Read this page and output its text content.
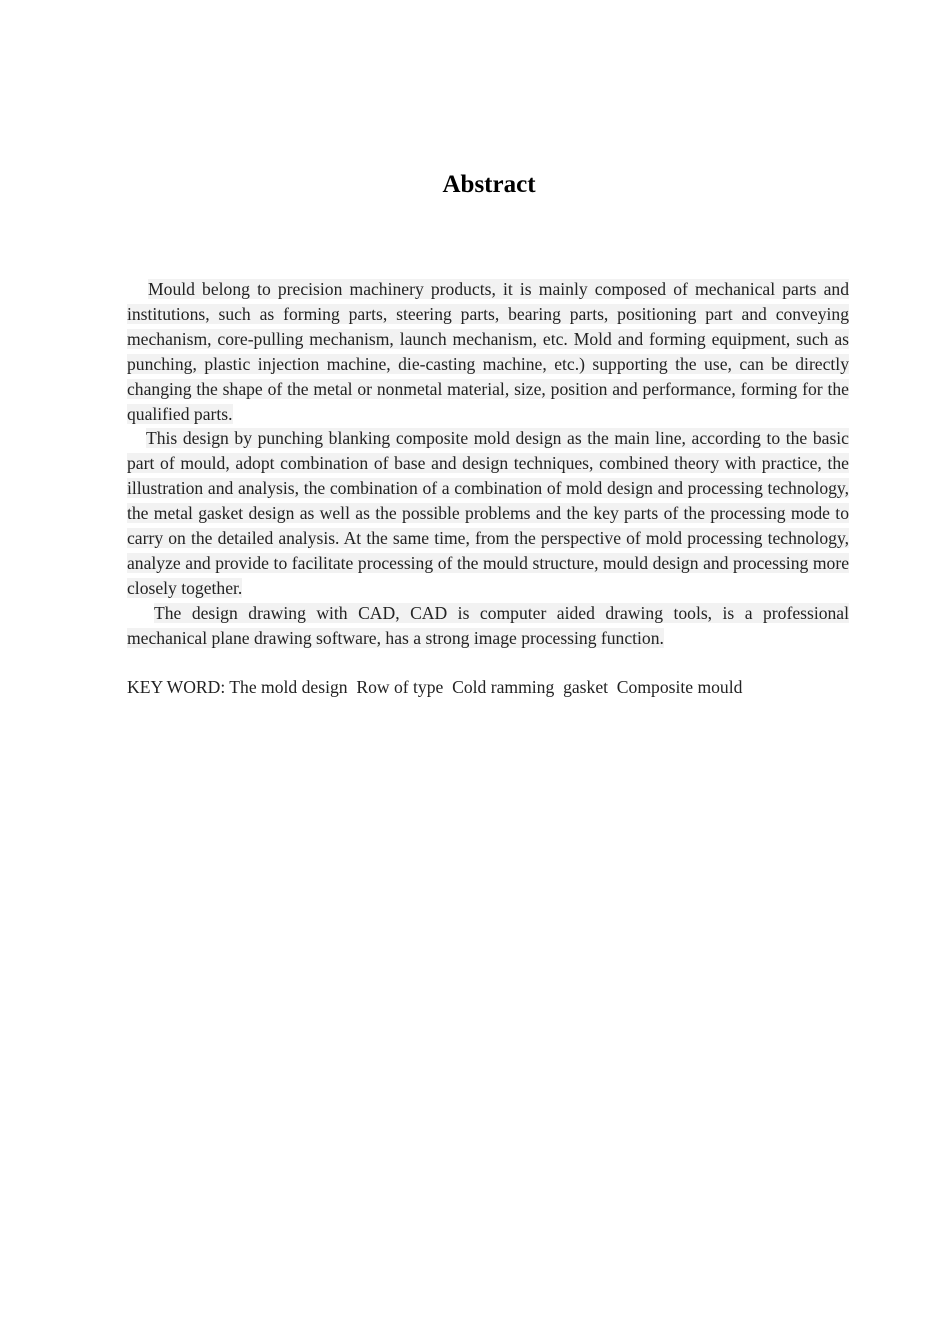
Abstract

Mould belong to precision machinery products, it is mainly composed of mechanical parts and institutions, such as forming parts, steering parts, bearing parts, positioning part and conveying mechanism, core-pulling mechanism, launch mechanism, etc. Mold and forming equipment, such as punching, plastic injection machine, die-casting machine, etc.) supporting the use, can be directly changing the shape of the metal or nonmetal material, size, position and performance, forming for the qualified parts.

This design by punching blanking composite mold design as the main line, according to the basic part of mould, adopt combination of base and design techniques, combined theory with practice, the illustration and analysis, the combination of a combination of mold design and processing technology, the metal gasket design as well as the possible problems and the key parts of the processing mode to carry on the detailed analysis. At the same time, from the perspective of mold processing technology, analyze and provide to facilitate processing of the mould structure, mould design and processing more closely together.

The design drawing with CAD, CAD is computer aided drawing tools, is a professional mechanical plane drawing software, has a strong image processing function.

KEY WORD: The mold design  Row of type  Cold ramming  gasket  Composite mould
